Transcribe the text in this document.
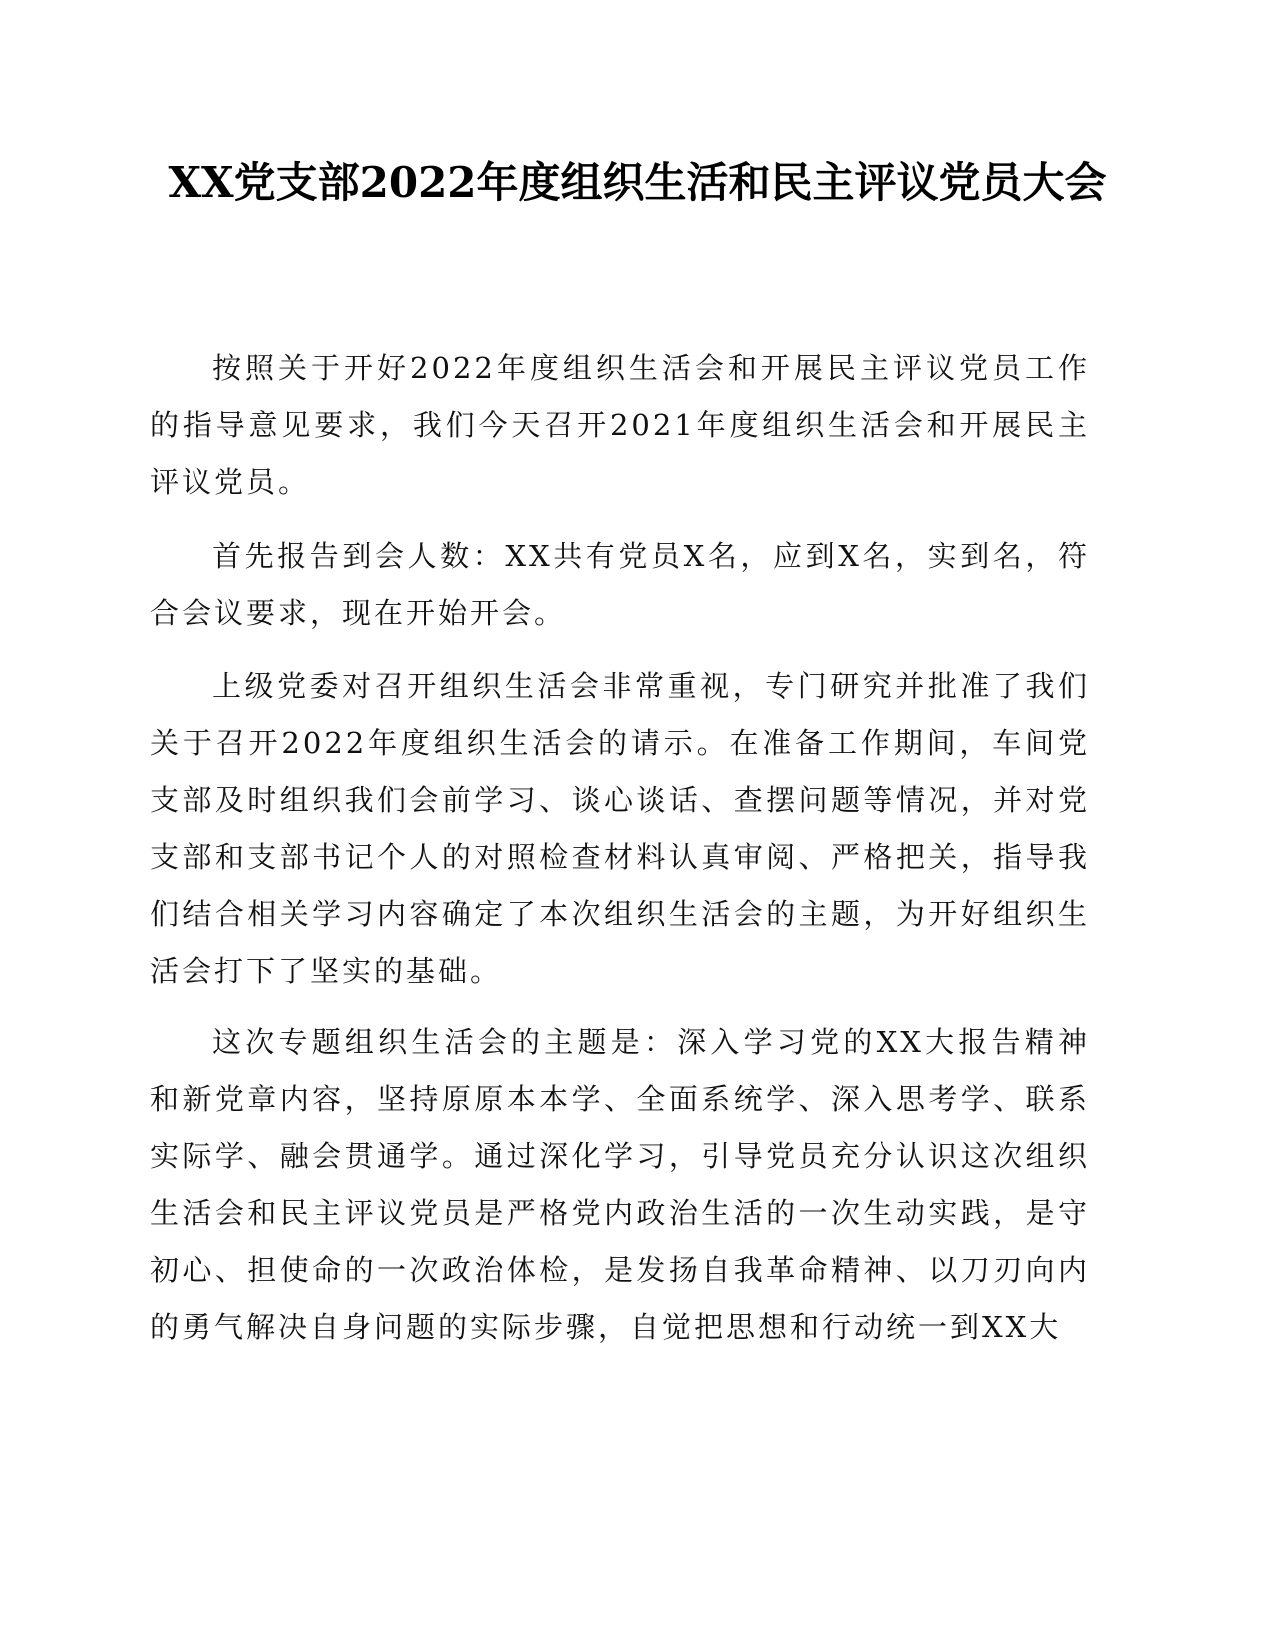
XX党支部2022年度组织生活和民主评议党员大会

按照关于开好2022年度组织生活会和开展民主评议党员工作的指导意见要求，我们今天召开2021年度组织生活会和开展民主评议党员。

首先报告到会人数：XX共有党员X名，应到X名，实到名，符合会议要求，现在开始开会。

上级党委对召开组织生活会非常重视，专门研究并批准了我们关于召开2022年度组织生活会的请示。在准备工作期间，车间党支部及时组织我们会前学习、谈心谈话、查摆问题等情况，并对党支部和支部书记个人的对照检查材料认真审阅、严格把关，指导我们结合相关学习内容确定了本次组织生活会的主题，为开好组织生活会打下了坚实的基础。

这次专题组织生活会的主题是：深入学习党的XX大报告精神和新党章内容，坚持原原本本学、全面系统学、深入思考学、联系实际学、融会贯通学。通过深化学习，引导党员充分认识这次组织生活会和民主评议党员是严格党内政治生活的一次生动实践，是守初心、担使命的一次政治体检，是发扬自我革命精神、以刀刃向内的勇气解决自身问题的实际步骤，自觉把思想和行动统一到XX大
